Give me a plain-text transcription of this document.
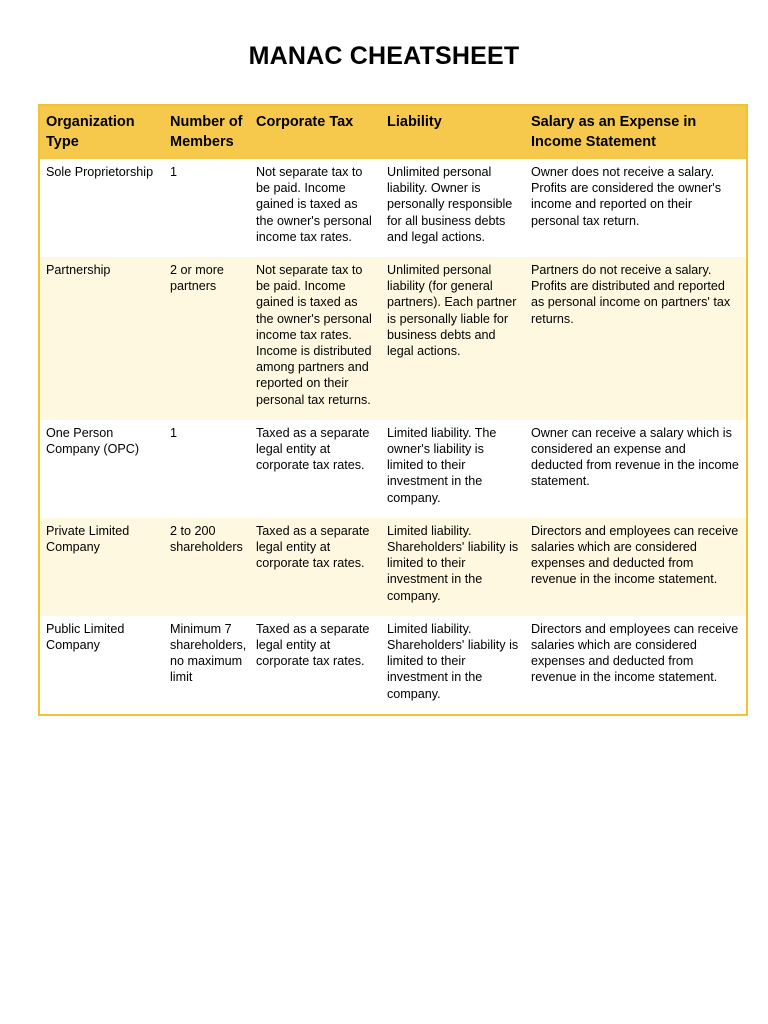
MANAC CHEATSHEET
Organization Type	Number of Members	Corporate Tax	Liability	Salary as an Expense in Income Statement
Sole Proprietorship	1	Not separate tax to be paid. Income gained is taxed as the owner's personal income tax rates.	Unlimited personal liability. Owner is personally responsible for all business debts and legal actions.	Owner does not receive a salary. Profits are considered the owner's income and reported on their personal tax return.
Partnership	2 or more partners	Not separate tax to be paid. Income gained is taxed as the owner's personal income tax rates. Income is distributed among partners and reported on their personal tax returns.	Unlimited personal liability (for general partners). Each partner is personally liable for business debts and legal actions.	Partners do not receive a salary. Profits are distributed and reported as personal income on partners' tax returns.
One Person Company (OPC)	1	Taxed as a separate legal entity at corporate tax rates.	Limited liability. The owner's liability is limited to their investment in the company.	Owner can receive a salary which is considered an expense and deducted from revenue in the income statement.
Private Limited Company	2 to 200 shareholders	Taxed as a separate legal entity at corporate tax rates.	Limited liability. Shareholders' liability is limited to their investment in the company.	Directors and employees can receive salaries which are considered expenses and deducted from revenue in the income statement.
Public Limited Company	Minimum 7 shareholders, no maximum limit	Taxed as a separate legal entity at corporate tax rates.	Limited liability. Shareholders' liability is limited to their investment in the company.	Directors and employees can receive salaries which are considered expenses and deducted from revenue in the income statement.
